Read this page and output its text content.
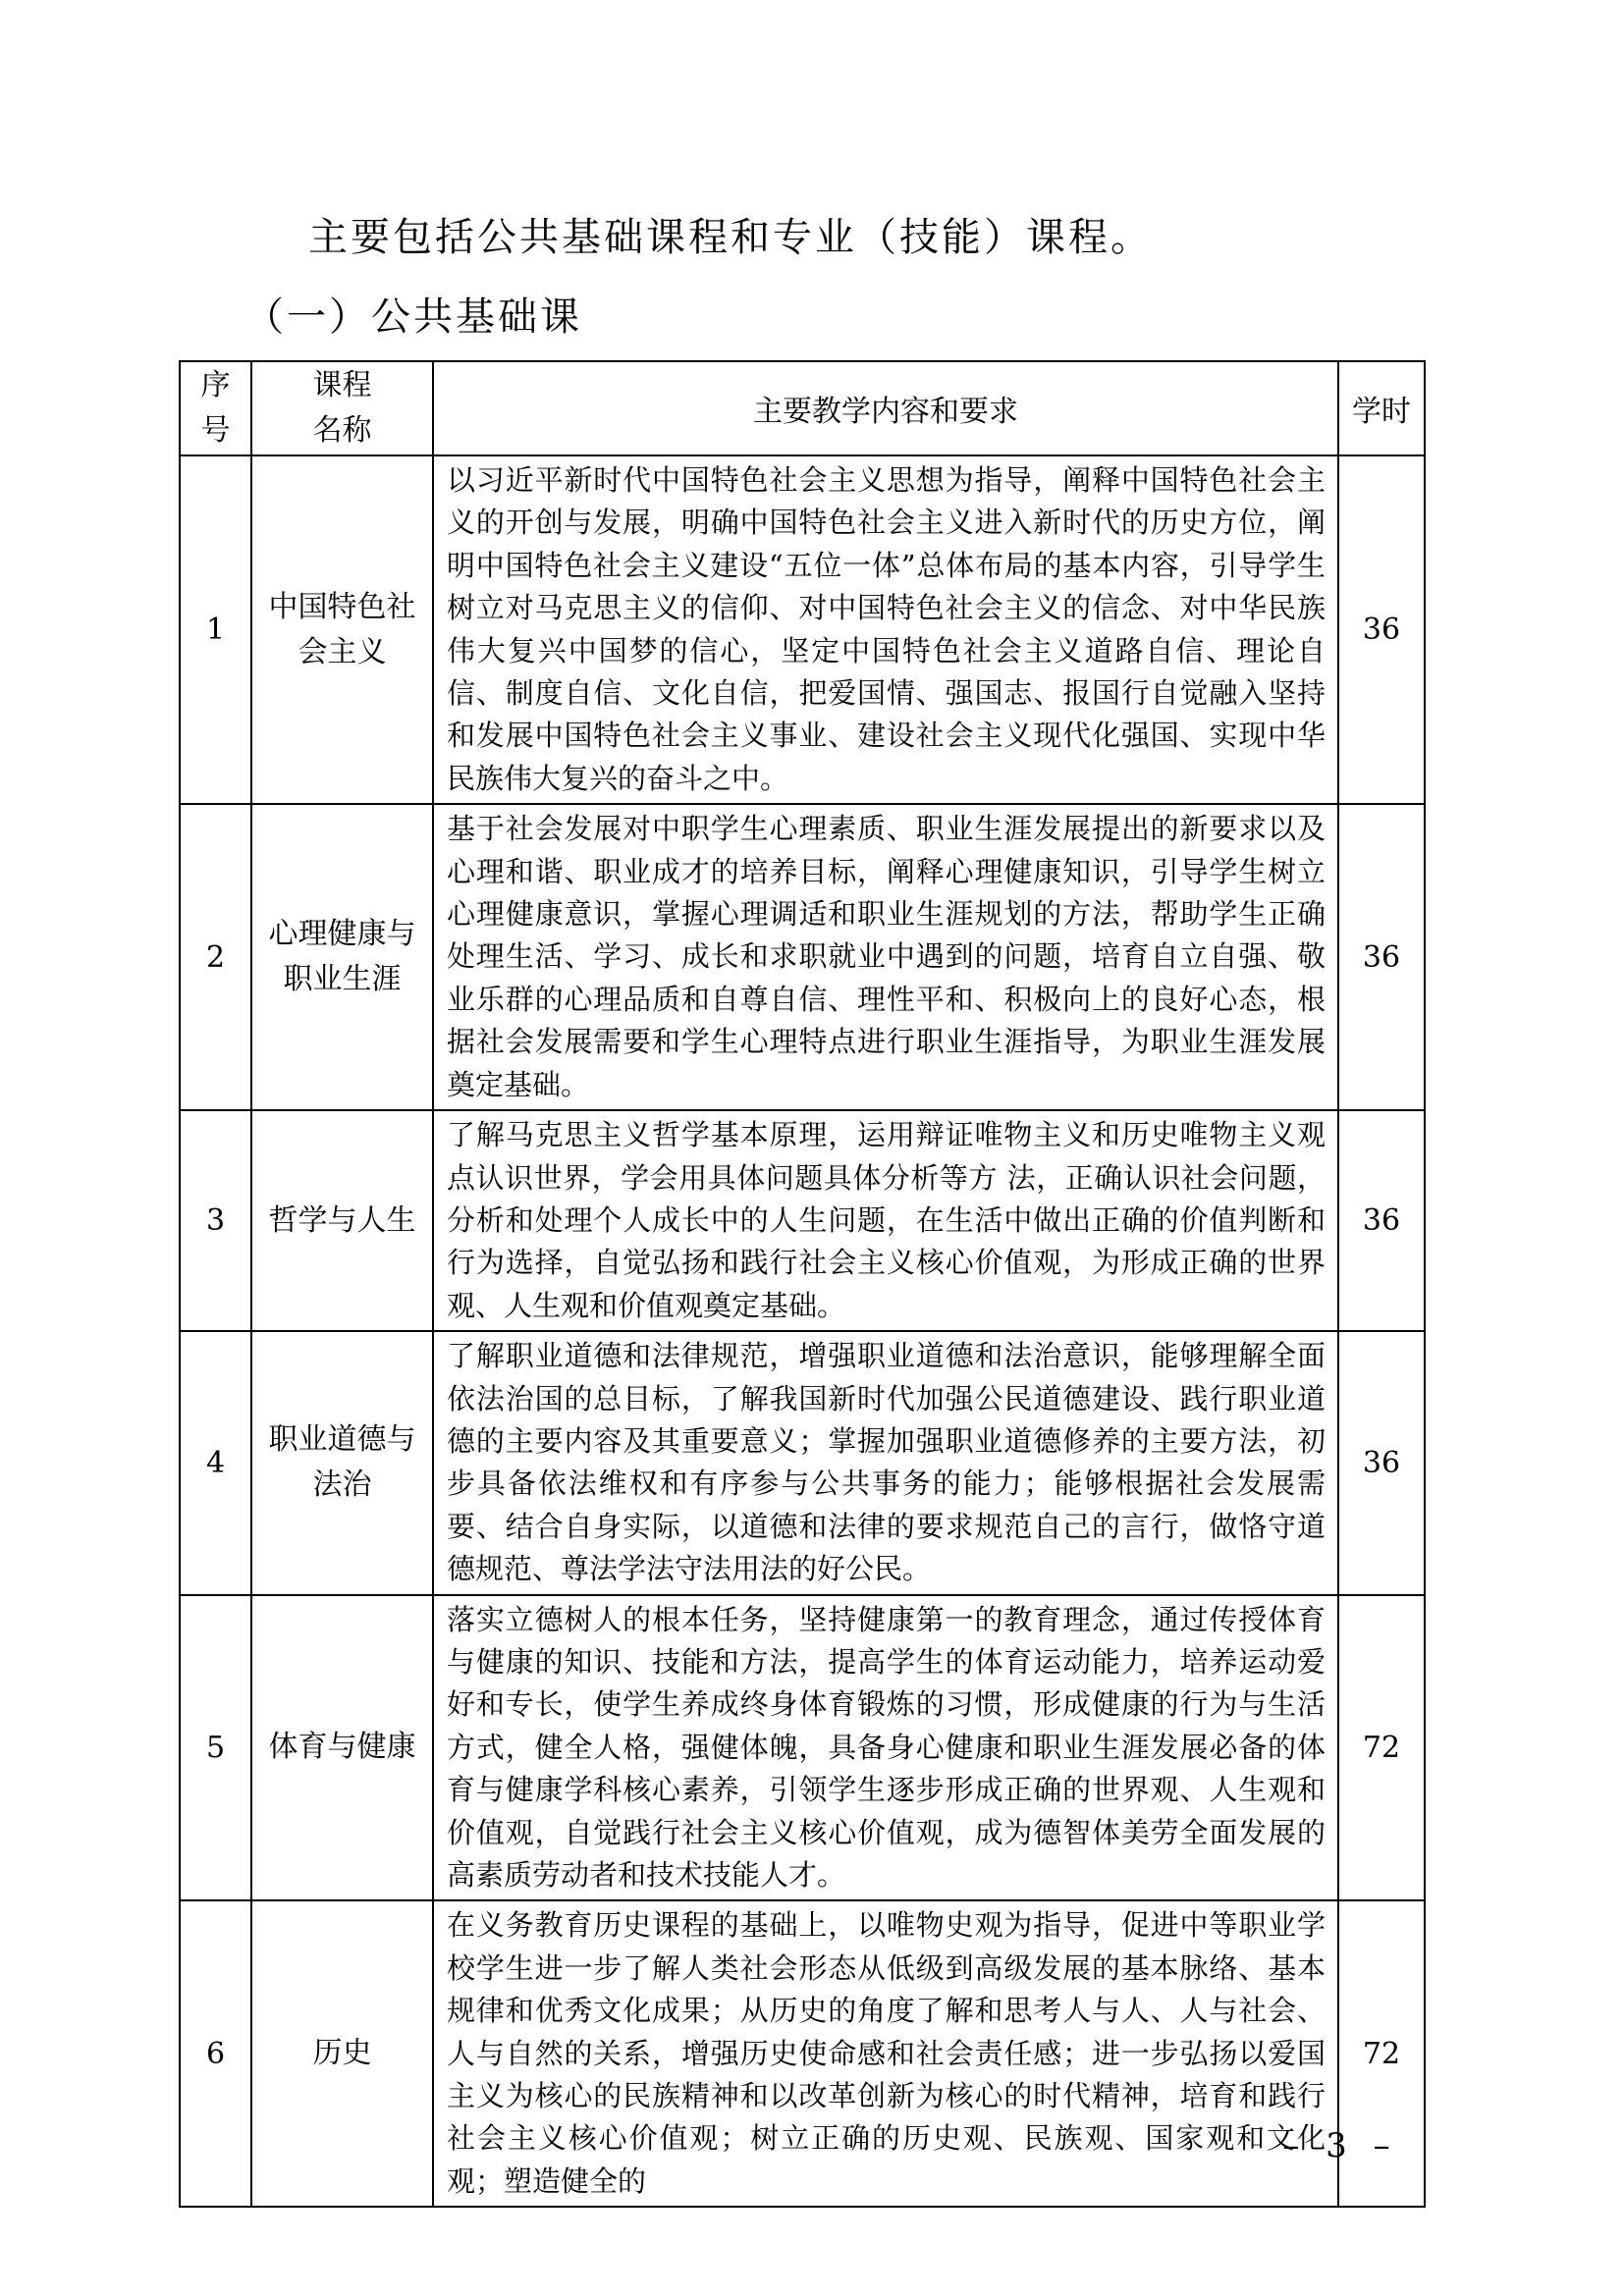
主要包括公共基础课程和专业（技能）课程。

（一）公共基础课
序号	课程名称	主要教学内容和要求	学时
1	中国特色社会主义	以习近平新时代中国特色社会主义思想为指导，阐释中国特色社会主义的开创与发展，明确中国特色社会主义进入新时代的历史方位，阐明中国特色社会主义建设“五位一体”总体布局的基本内容，引导学生树立对马克思主义的信仰、对中国特色社会主义的信念、对中华民族伟大复兴中国梦的信心，坚定中国特色社会主义道路自信、理论自信、制度自信、文化自信，把爱国情、强国志、报国行自觉融入坚持和发展中国特色社会主义事业、建设社会主义现代化强国、实现中华民族伟大复兴的奋斗之中。	36
2	心理健康与职业生涯	基于社会发展对中职学生心理素质、职业生涯发展提出的新要求以及心理和谐、职业成才的培养目标，阐释心理健康知识，引导学生树立心理健康意识，掌握心理调适和职业生涯规划的方法，帮助学生正确处理生活、学习、成长和求职就业中遇到的问题，培育自立自强、敬业乐群的心理品质和自尊自信、理性平和、积极向上的良好心态，根据社会发展需要和学生心理特点进行职业生涯指导，为职业生涯发展奠定基础。	36
3	哲学与人生	了解马克思主义哲学基本原理，运用辩证唯物主义和历史唯物主义观点认识世界，学会用具体问题具体分析等方 法，正确认识社会问题，分析和处理个人成长中的人生问题，在生活中做出正确的价值判断和行为选择，自觉弘扬和践行社会主义核心价值观，为形成正确的世界观、人生观和价值观奠定基础。	36
4	职业道德与法治	了解职业道德和法律规范，增强职业道德和法治意识，能够理解全面依法治国的总目标，了解我国新时代加强公民道德建设、践行职业道德的主要内容及其重要意义；掌握加强职业道德修养的主要方法，初步具备依法维权和有序参与公共事务的能力；能够根据社会发展需要、结合自身实际，以道德和法律的要求规范自己的言行，做恪守道德规范、尊法学法守法用法的好公民。	36
5	体育与健康	落实立德树人的根本任务，坚持健康第一的教育理念，通过传授体育与健康的知识、技能和方法，提高学生的体育运动能力，培养运动爱好和专长，使学生养成终身体育锻炼的习惯，形成健康的行为与生活方式，健全人格，强健体魄，具备身心健康和职业生涯发展必备的体育与健康学科核心素养，引领学生逐步形成正确的世界观、人生观和价值观，自觉践行社会主义核心价值观，成为德智体美劳全面发展的高素质劳动者和技术技能人才。	72
6	历史	在义务教育历史课程的基础上，以唯物史观为指导，促进中等职业学校学生进一步了解人类社会形态从低级到高级发展的基本脉络、基本规律和优秀文化成果；从历史的角度了解和思考人与人、人与社会、人与自然的关系，增强历史使命感和社会责任感；进一步弘扬以爱国主义为核心的民族精神和以改革创新为核心的时代精神，培育和践行社会主义核心价值观；树立正确的历史观、民族观、国家观和文化观；塑造健全的	72
– 3 –
